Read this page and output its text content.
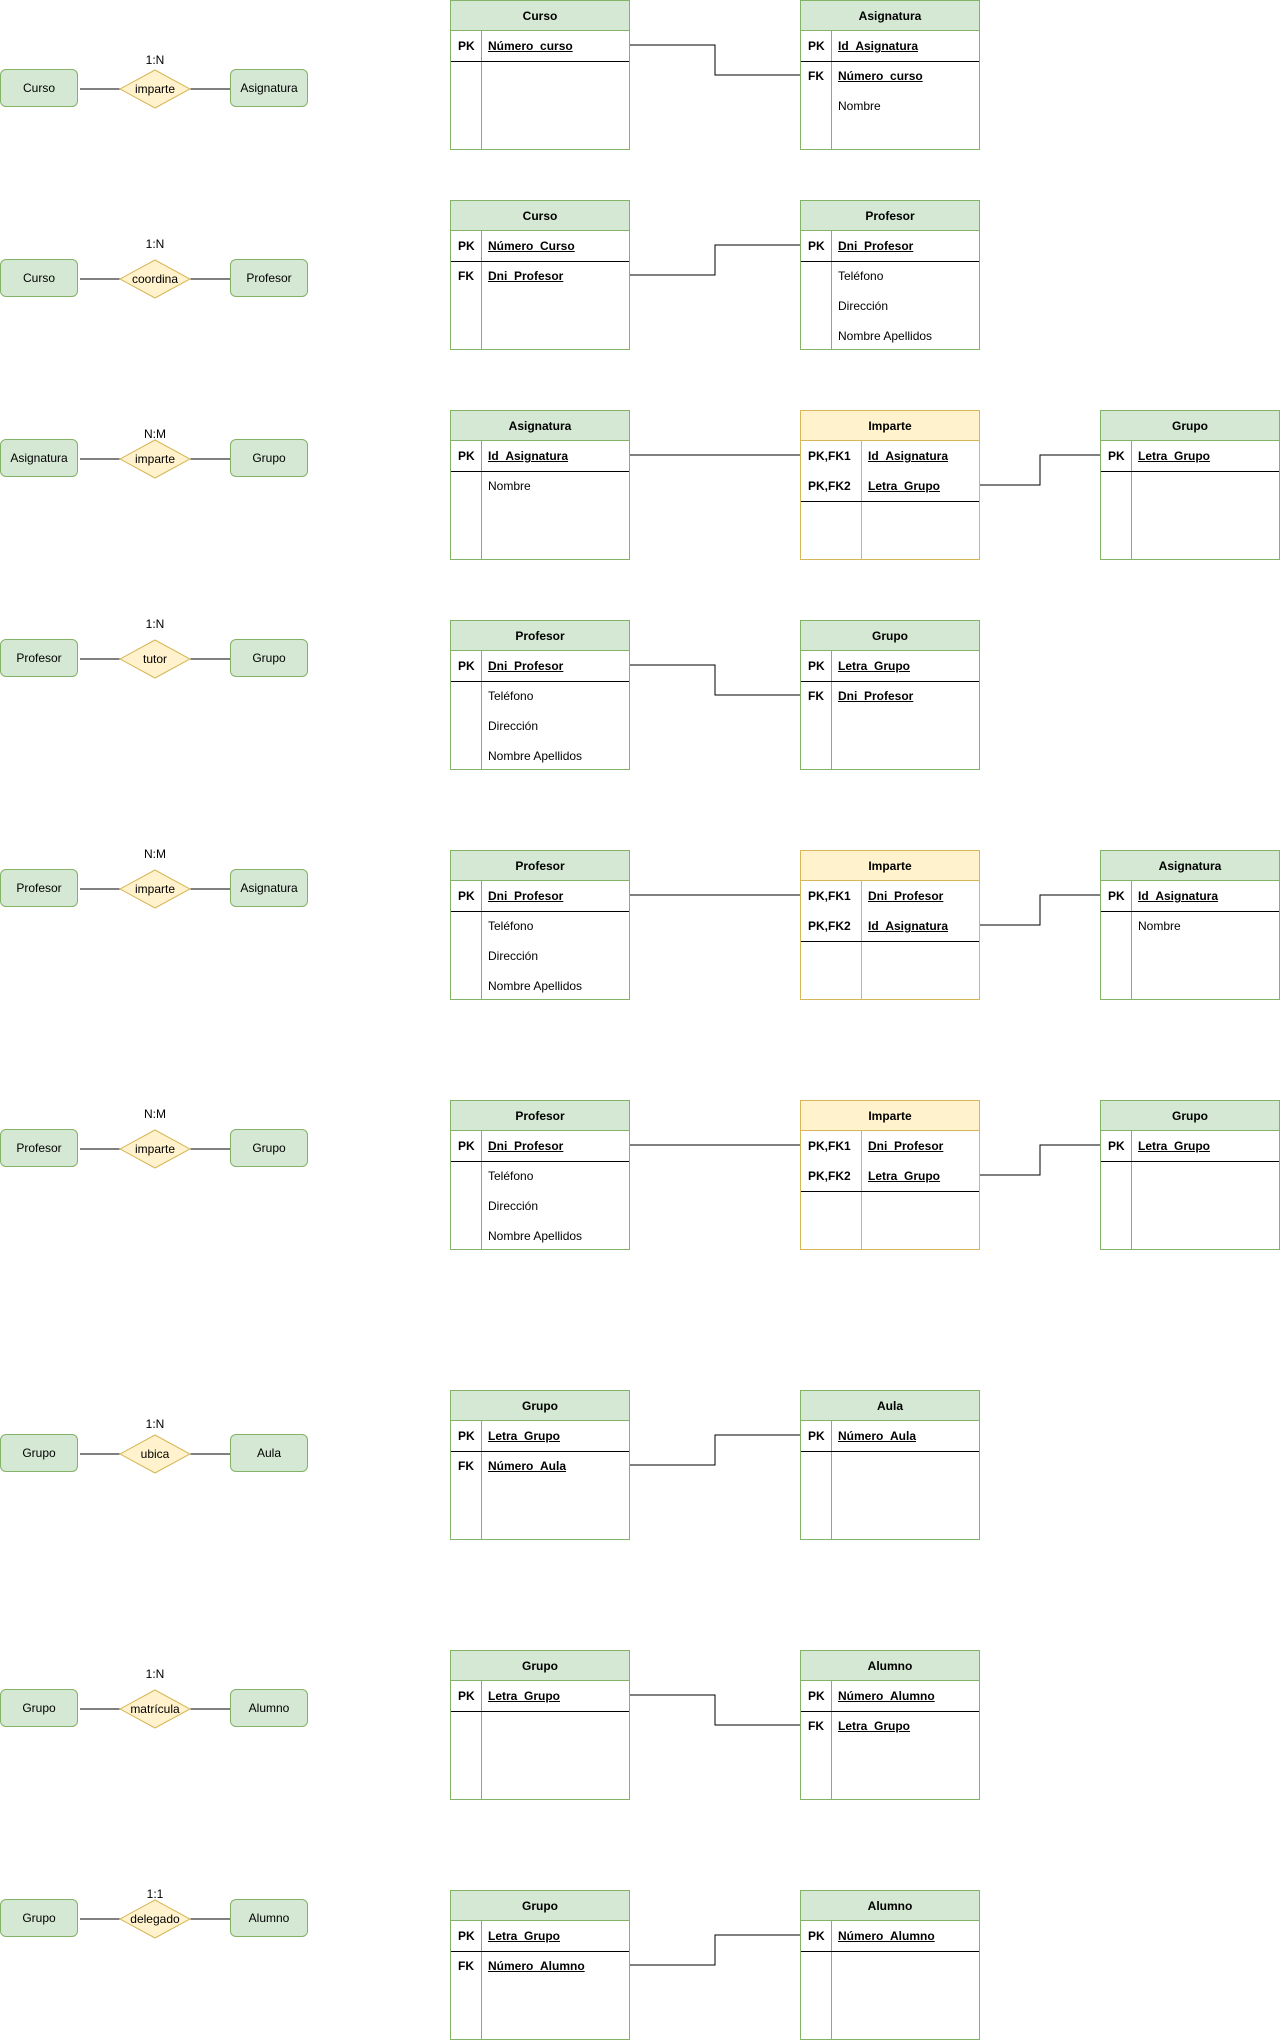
Curso	Asignatura
imparte
1:N
Curso	Profesor
coordina
1:N
Asignatura	Grupo
imparte
N:M
Profesor	Grupo
tutor
1:N
Profesor	Asignatura
imparte
N:M
Profesor	Grupo
imparte
N:M
Grupo	Aula
ubica
1:N
Grupo	Alumno
matrícula
1:N
Grupo	Alumno
delegado
1:1
Curso
PK	Número_curso
Asignatura
PK	Id_Asignatura
FK	Número_curso
Nombre
Curso
PK	Número_Curso
FK	Dni_Profesor
Profesor
PK	Dni_Profesor
Teléfono
Dirección
Nombre Apellidos
Asignatura
PK	Id_Asignatura
Nombre
Imparte
PK,FK1	Id_Asignatura
PK,FK2	Letra_Grupo
Grupo
PK	Letra_Grupo
Profesor
PK	Dni_Profesor
Teléfono
Dirección
Nombre Apellidos
Grupo
PK	Letra_Grupo
FK	Dni_Profesor
Profesor
PK	Dni_Profesor
Teléfono
Dirección
Nombre Apellidos
Imparte
PK,FK1	Dni_Profesor
PK,FK2	Id_Asignatura
Asignatura
PK	Id_Asignatura
Nombre
Profesor
PK	Dni_Profesor
Teléfono
Dirección
Nombre Apellidos
Imparte
PK,FK1	Dni_Profesor
PK,FK2	Letra_Grupo
Grupo
PK	Letra_Grupo
Grupo
PK	Letra_Grupo
FK	Número_Aula
Aula
PK	Número_Aula
Grupo
PK	Letra_Grupo
Alumno
PK	Número_Alumno
FK	Letra_Grupo
Grupo
PK	Letra_Grupo
FK	Número_Alumno
Alumno
PK	Número_Alumno
